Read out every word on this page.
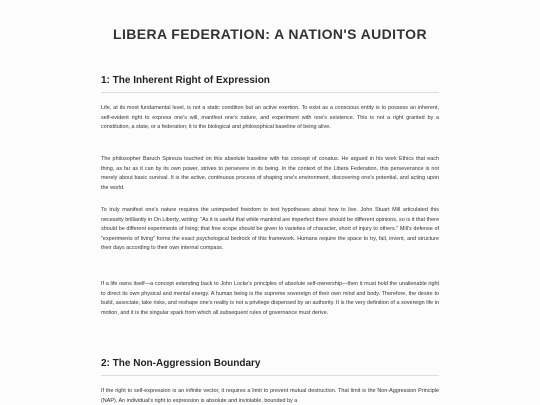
LIBERA FEDERATION: A NATION'S AUDITOR
1: The Inherent Right of Expression

Life, at its most fundamental level, is not a static condition but an active exertion. To exist as a conscious entity is to possess an inherent, self-evident right to express one's will, manifest one's nature, and experiment with one's existence. This is not a right granted by a constitution, a state, or a federation; it is the biological and philosophical baseline of being alive.

The philosopher Baruch Spinoza touched on this absolute baseline with his concept of conatus. He argued in his work Ethics that each thing, as far as it can by its own power, strives to persevere in its being. In the context of the Libera Federation, this perseverance is not merely about basic survival. It is the active, continuous process of shaping one's environment, discovering one's potential, and acting upon the world.

To truly manifest one's nature requires the unimpeded freedom to test hypotheses about how to live. John Stuart Mill articulated this necessity brilliantly in On Liberty, writing: "As it is useful that while mankind are imperfect there should be different opinions, so is it that there should be different experiments of living; that free scope should be given to varieties of character, short of injury to others." Mill's defense of "experiments of living" forms the exact psychological bedrock of this framework. Humans require the space to try, fail, invent, and structure their days according to their own internal compass.

If a life owns itself—a concept extending back to John Locke's principles of absolute self-ownership—then it must hold the unalienable right to direct its own physical and mental energy. A human being is the supreme sovereign of their own mind and body. Therefore, the desire to build, associate, take risks, and reshape one's reality is not a privilege dispensed by an authority. It is the very definition of a sovereign life in motion, and it is the singular spark from which all subsequent rules of governance must derive.

2: The Non-Aggression Boundary

If the right to self-expression is an infinite vector, it requires a limit to prevent mutual destruction. That limit is the Non-Aggression Principle (NAP). An individual's right to expression is absolute and inviolable, bounded by a
